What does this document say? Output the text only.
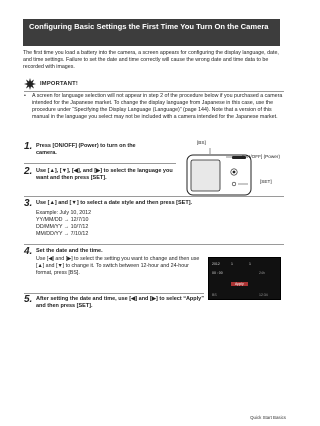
Configuring Basic Settings the First Time You Turn On the Camera

The first time you load a battery into the camera, a screen appears for configuring the display language, date, and time settings. Failure to set the date and time correctly will cause the wrong date and time data to be recorded with images.

IMPORTANT!
•	A screen for language selection will not appear in step 2 of the procedure below if you purchased a camera intended for the Japanese market. To change the display language from Japanese in this case, use the procedure under “Specifying the Display Language (Language)” (page 144). Note that a version of this manual in the language you select may not be included with a camera intended for the Japanese market.
1. Press [ON/OFF] (Power) to turn on the camera.
2. Use [▲], [▼], [◀], and [▶] to select the language you want and then press [SET].
3. Use [▲] and [▼] to select a date style and then press [SET].
Example: July 10, 2012
YY/MM/DD → 12/7/10
DD/MM/YY → 10/7/12
MM/DD/YY → 7/10/12
4. Set the date and the time.
Use [◀] and [▶] to select the setting you want to change and then use [▲] and [▼] to change it. To switch between 12-hour and 24-hour format, press [BS].
5. After setting the date and time, use [◀] and [▶] to select “Apply” and then press [SET].
[BS]
[ON/OFF] (Power)
[SET]
2012	1	1
00 : 00	24h
Apply
BS	12:34
Quick Start Basics
